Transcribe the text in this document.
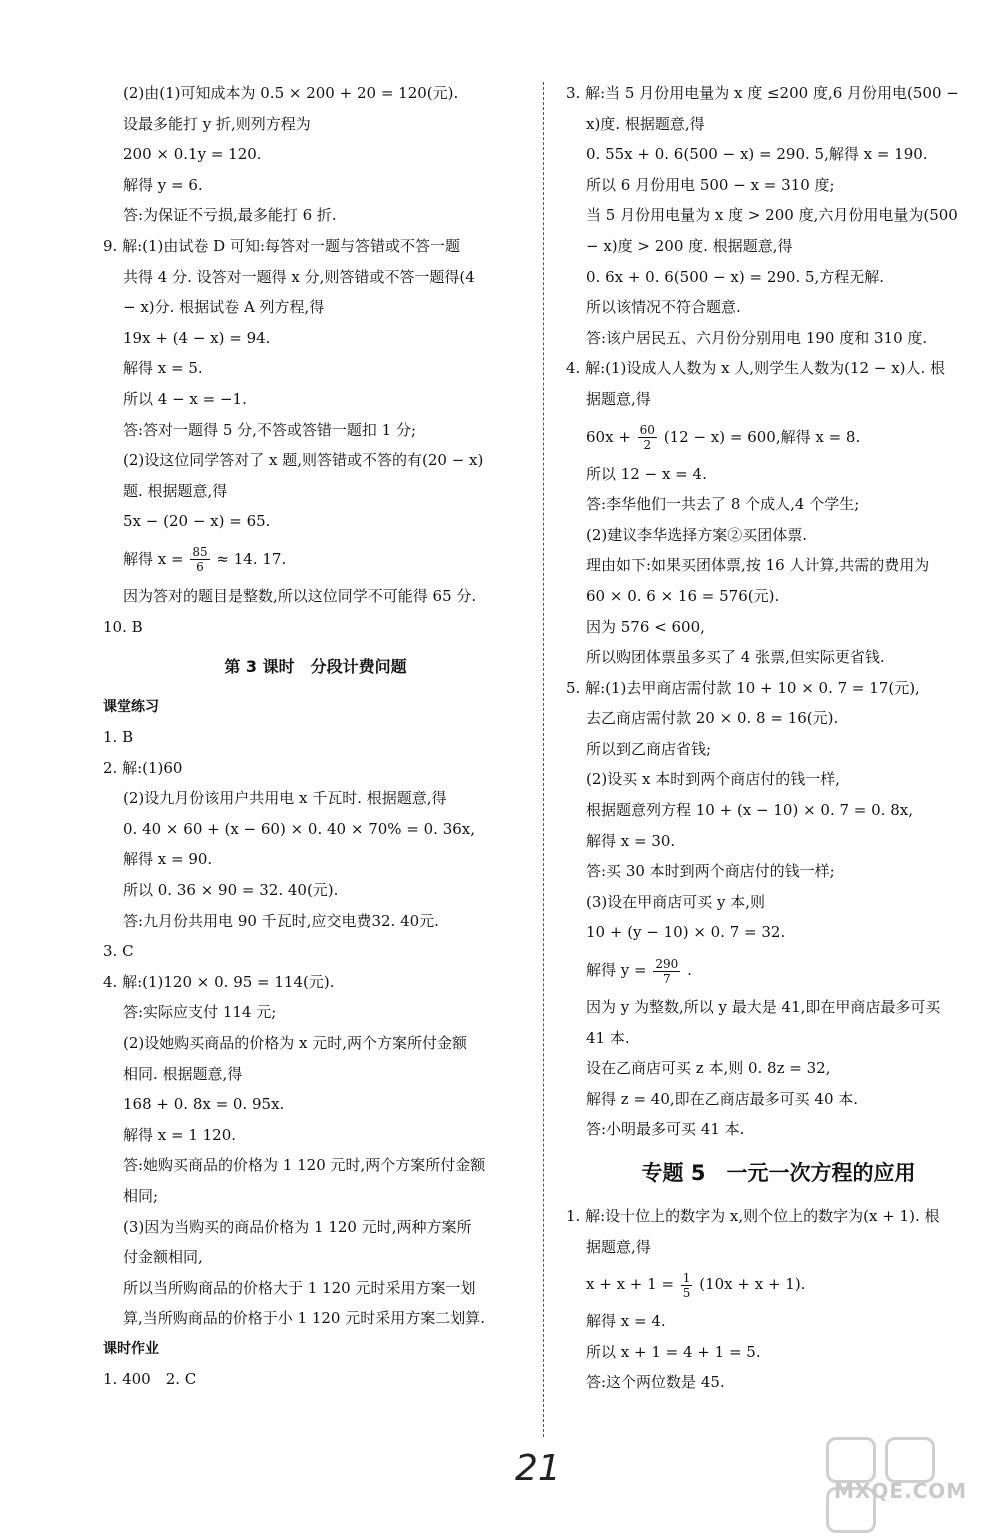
(2)由(1)可知成本为 0.5 × 200 + 20 = 120(元).
设最多能打 y 折,则列方程为
200 × 0.1y = 120.
解得 y = 6.
答:为保证不亏损,最多能打 6 折.
9. 解:(1)由试卷 D 可知:每答对一题与答错或不答一题
共得 4 分. 设答对一题得 x 分,则答错或不答一题得(4
− x)分. 根据试卷 A 列方程,得
19x + (4 − x) = 94.
解得 x = 5.
所以 4 − x = −1.
答:答对一题得 5 分,不答或答错一题扣 1 分;
(2)设这位同学答对了 x 题,则答错或不答的有(20 − x)
题. 根据题意,得
5x − (20 − x) = 65.
解得 $x = \frac{85}{6} \approx 14$. 17.
因为答对的题目是整数,所以这位同学不可能得 65 分.
10. B
第 3 课时　分段计费问题
课堂练习
1. B
2. 解:(1)60
(2)设九月份该用户共用电 x 千瓦时. 根据题意,得
0. 40 × 60 + (x − 60) × 0. 40 × 70% = 0. 36x,
解得 x = 90.
所以 0. 36 × 90 = 32. 40(元).
答:九月份共用电 90 千瓦时,应交电费32. 40元.
3. C
4. 解:(1)120 × 0. 95 = 114(元).
答:实际应支付 114 元;
(2)设她购买商品的价格为 x 元时,两个方案所付金额
相同. 根据题意,得
168 + 0. 8x = 0. 95x.
解得 x = 1 120.
答:她购买商品的价格为 1 120 元时,两个方案所付金额
相同;
(3)因为当购买的商品价格为 1 120 元时,两种方案所
付金额相同,
所以当所购商品的价格大于 1 120 元时采用方案一划
算,当所购商品的价格于小 1 120 元时采用方案二划算.
课时作业
1. 400　2. C
3. 解:当 5 月份用电量为 x 度 ≤200 度,6 月份用电(500 −
x)度. 根据题意,得
0. 55x + 0. 6(500 − x) = 290. 5,解得 x = 190.
所以 6 月份用电 500 − x = 310 度;
当 5 月份用电量为 x 度 > 200 度,六月份用电量为(500
− x)度 > 200 度. 根据题意,得
0. 6x + 0. 6(500 − x) = 290. 5,方程无解.
所以该情况不符合题意.
答:该户居民五、六月份分别用电 190 度和 310 度.
4. 解:(1)设成人人数为 x 人,则学生人数为(12 − x)人. 根
据题意,得
$60x + \frac{60}{2} (12 - x) = 600$,解得 x = 8.
所以 12 − x = 4.
答:李华他们一共去了 8 个成人,4 个学生;
(2)建议李华选择方案②买团体票.
理由如下:如果买团体票,按 16 人计算,共需的费用为
60 × 0. 6 × 16 = 576(元).
因为 576 < 600,
所以购团体票虽多买了 4 张票,但实际更省钱.
5. 解:(1)去甲商店需付款 10 + 10 × 0. 7 = 17(元),
去乙商店需付款 20 × 0. 8 = 16(元).
所以到乙商店省钱;
(2)设买 x 本时到两个商店付的钱一样,
根据题意列方程 10 + (x − 10) × 0. 7 = 0. 8x,
解得 x = 30.
答:买 30 本时到两个商店付的钱一样;
(3)设在甲商店可买 y 本,则
10 + (y − 10) × 0. 7 = 32.
解得 $y = \frac{290}{7}$ .
因为 y 为整数,所以 y 最大是 41,即在甲商店最多可买
41 本.
设在乙商店可买 z 本,则 0. 8z = 32,
解得 z = 40,即在乙商店最多可买 40 本.
答:小明最多可买 41 本.
专题 5　一元一次方程的应用
1. 解:设十位上的数字为 x,则个位上的数字为(x + 1). 根
据题意,得
$x + x + 1 = \frac{1}{5} (10x + x + 1)$.
解得 x = 4.
所以 x + 1 = 4 + 1 = 5.
答:这个两位数是 45.
21

MXQE.COM
